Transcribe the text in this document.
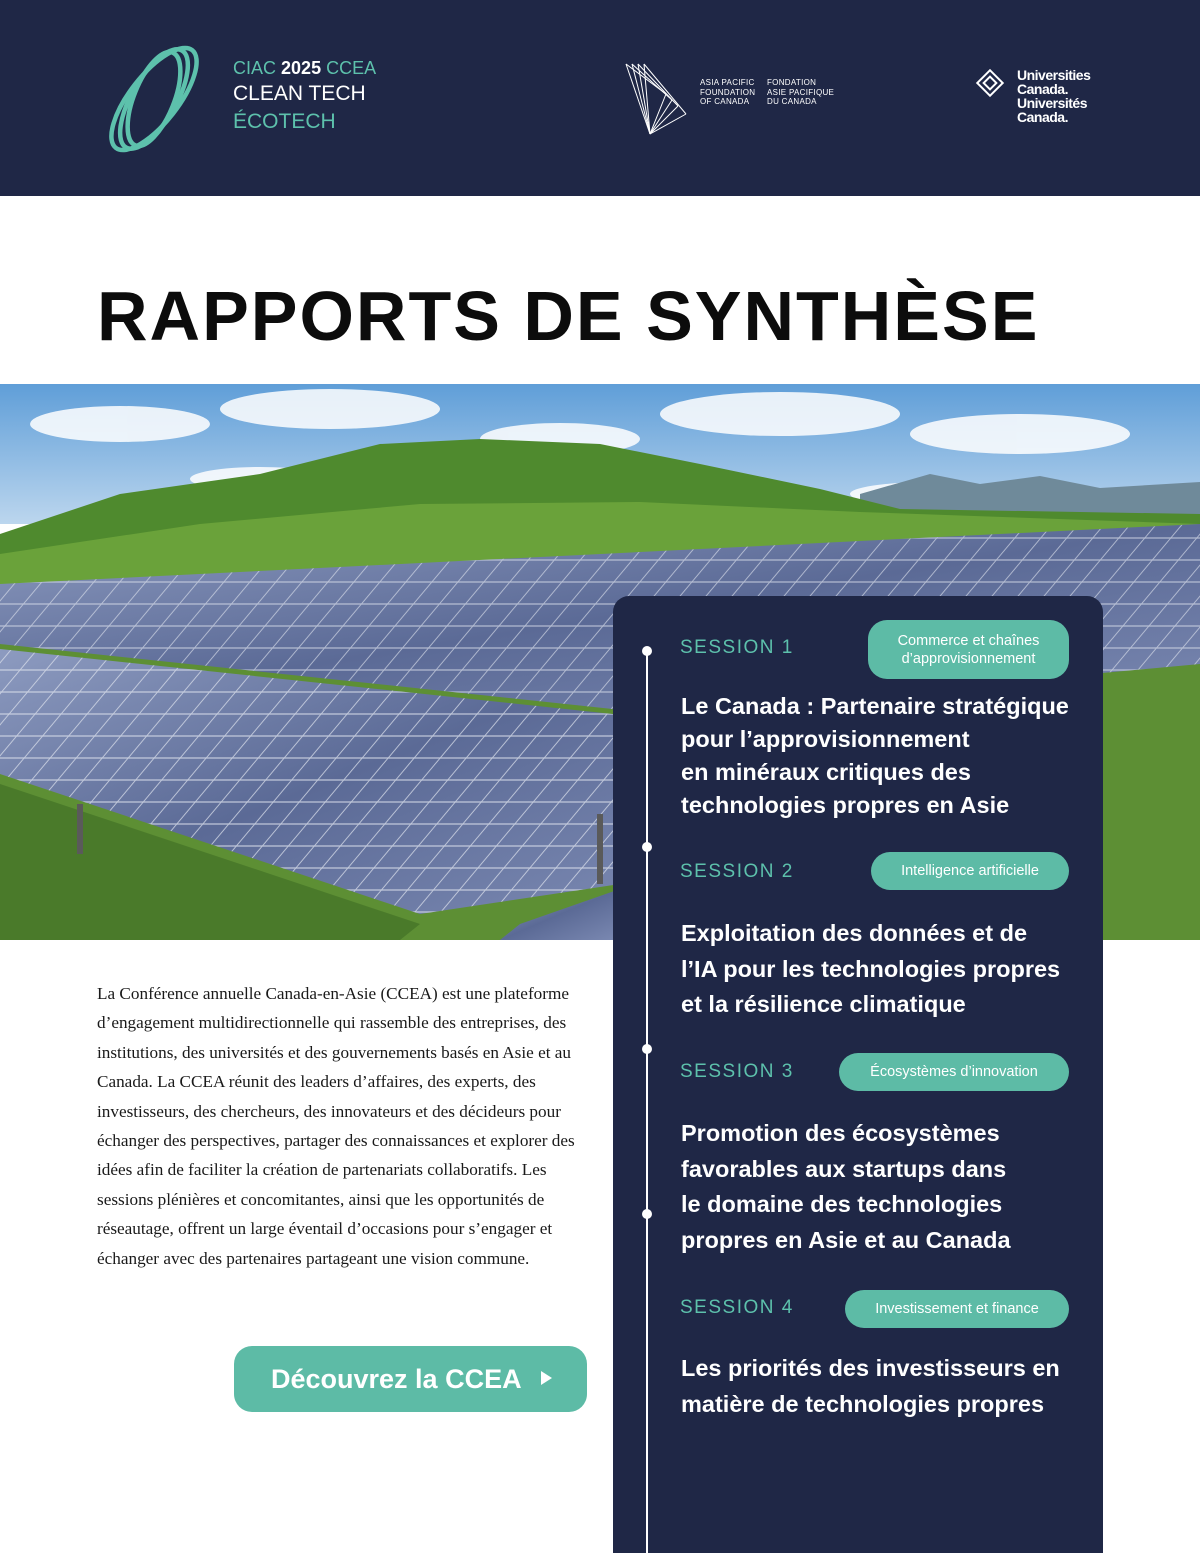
CIAC 2025 CCEA
CLEAN TECH
ÉCOTECH
ASIA PACIFIC
FOUNDATION
OF CANADA
FONDATION
ASIE PACIFIQUE
DU CANADA
Universities
Canada.
Universités
Canada.
RAPPORTS DE SYNTHÈSE

La Conférence annuelle Canada-en-Asie (CCEA) est une plateforme d’engagement multidirectionnelle qui rassemble des entreprises, des institutions, des universités et des gouvernements basés en Asie et au Canada. La CCEA réunit des leaders d’affaires, des experts, des investisseurs, des chercheurs, des innovateurs et des décideurs pour échanger des perspectives, partager des connaissances et explorer des idées afin de faciliter la création de partenariats collaboratifs. Les sessions plénières et concomitantes, ainsi que les opportunités de réseautage, offrent un large éventail d’occasions pour s’engager et échanger avec des partenaires partageant une vision commune.

Découvrez la CCEA
SESSION 1	Commerce et chaînes
d’approvisionnement
Le Canada : Partenaire stratégique
pour l’approvisionnement
en minéraux critiques des
technologies propres en Asie
SESSION 2	Intelligence artificielle
Exploitation des données et de
l’IA pour les technologies propres
et la résilience climatique
SESSION 3	Écosystèmes d’innovation
Promotion des écosystèmes
favorables aux startups dans
le domaine des technologies
propres en Asie et au Canada
SESSION 4	Investissement et finance
Les priorités des investisseurs en
matière de technologies propres
